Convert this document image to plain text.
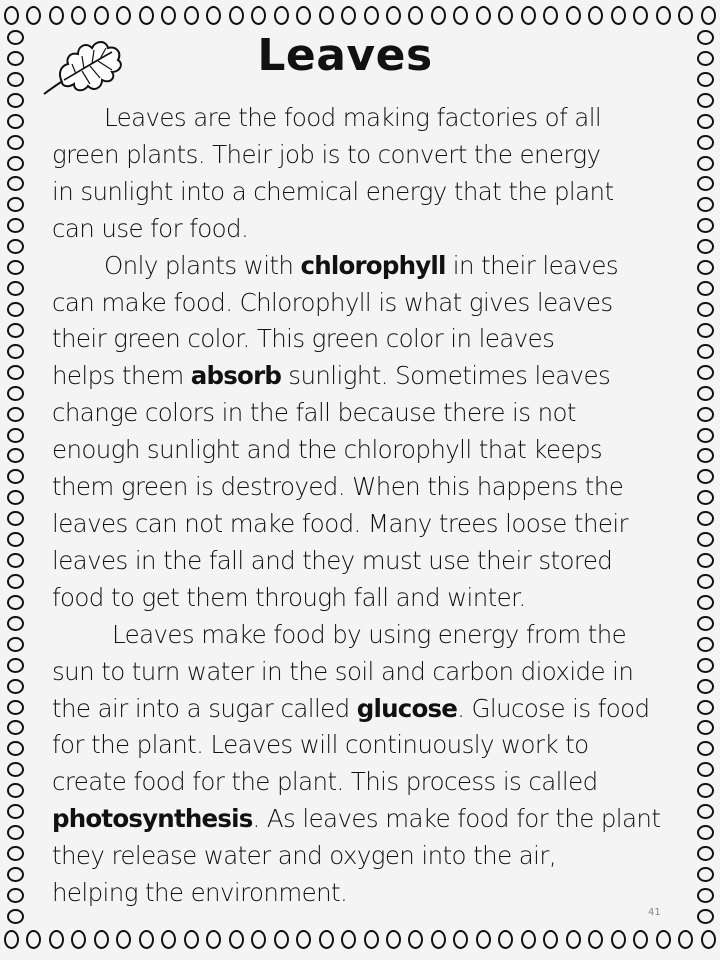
Leaves
Leaves are the food making factories of all
green plants. Their job is to convert the energy
in sunlight into a chemical energy that the plant
can use for food.
Only plants with chlorophyll in their leaves
can make food. Chlorophyll is what gives leaves
their green color. This green color in leaves
helps them absorb sunlight. Sometimes leaves
change colors in the fall because there is not
enough sunlight and the chlorophyll that keeps
them green is destroyed. When this happens the
leaves can not make food. Many trees loose their
leaves in the fall and they must use their stored
food to get them through fall and winter.
Leaves make food by using energy from the
sun to turn water in the soil and carbon dioxide in
the air into a sugar called glucose. Glucose is food
for the plant. Leaves will continuously work to
create food for the plant. This process is called
photosynthesis. As leaves make food for the plant
they release water and oxygen into the air,
helping the environment.
41
